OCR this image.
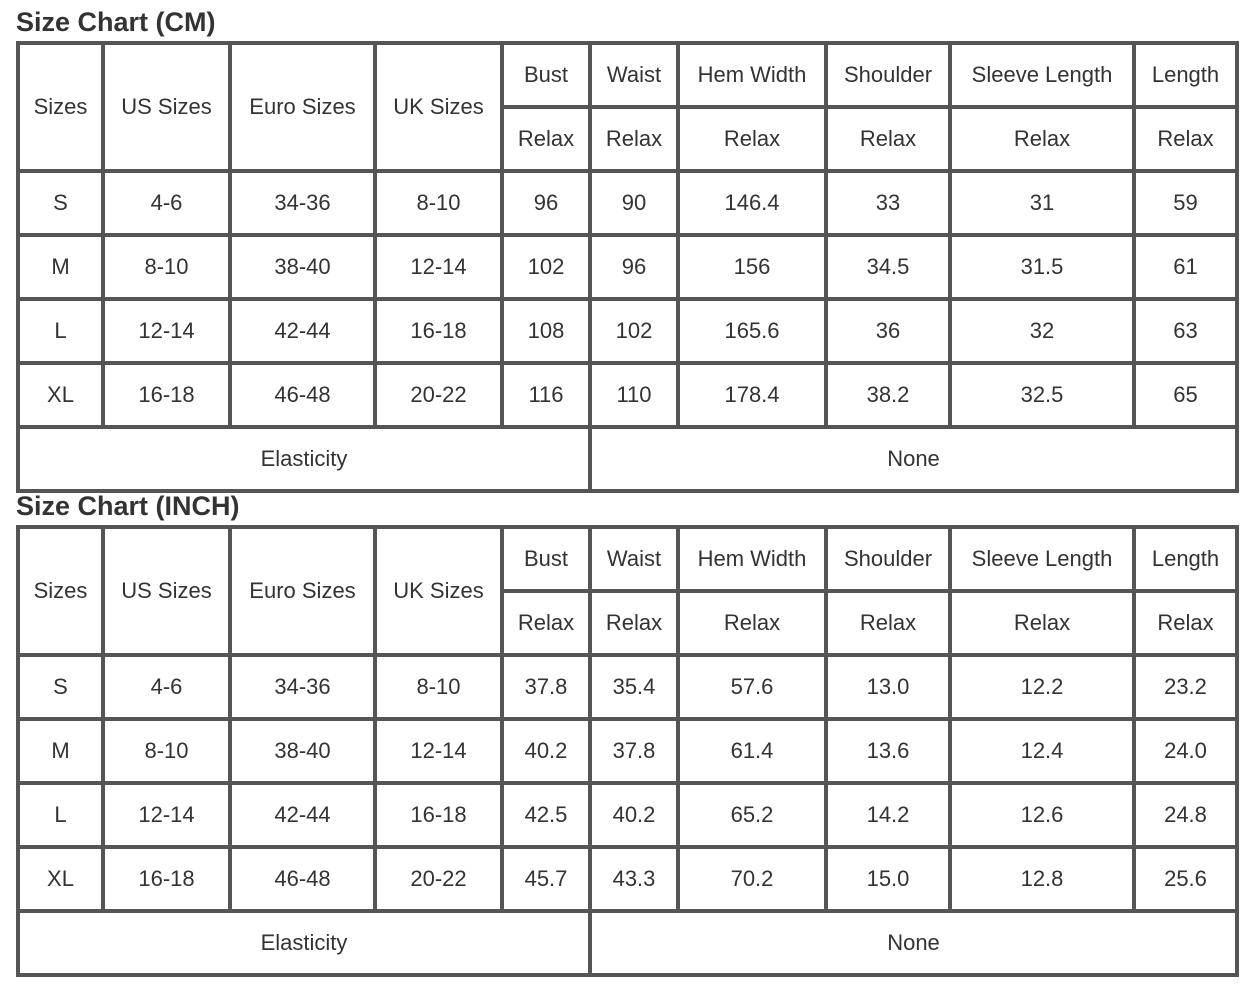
Size Chart (CM)
Sizes	US Sizes	Euro Sizes	UK Sizes	Bust	Waist	Hem Width	Shoulder	Sleeve Length	Length
				Relax	Relax	Relax	Relax	Relax	Relax
S	4-6	34-36	8-10	96	90	146.4	33	31	59
M	8-10	38-40	12-14	102	96	156	34.5	31.5	61
L	12-14	42-44	16-18	108	102	165.6	36	32	63
XL	16-18	46-48	20-22	116	110	178.4	38.2	32.5	65
Elasticity					None				
Size Chart (INCH)
Sizes	US Sizes	Euro Sizes	UK Sizes	Bust	Waist	Hem Width	Shoulder	Sleeve Length	Length
				Relax	Relax	Relax	Relax	Relax	Relax
S	4-6	34-36	8-10	37.8	35.4	57.6	13.0	12.2	23.2
M	8-10	38-40	12-14	40.2	37.8	61.4	13.6	12.4	24.0
L	12-14	42-44	16-18	42.5	40.2	65.2	14.2	12.6	24.8
XL	16-18	46-48	20-22	45.7	43.3	70.2	15.0	12.8	25.6
Elasticity					None				
